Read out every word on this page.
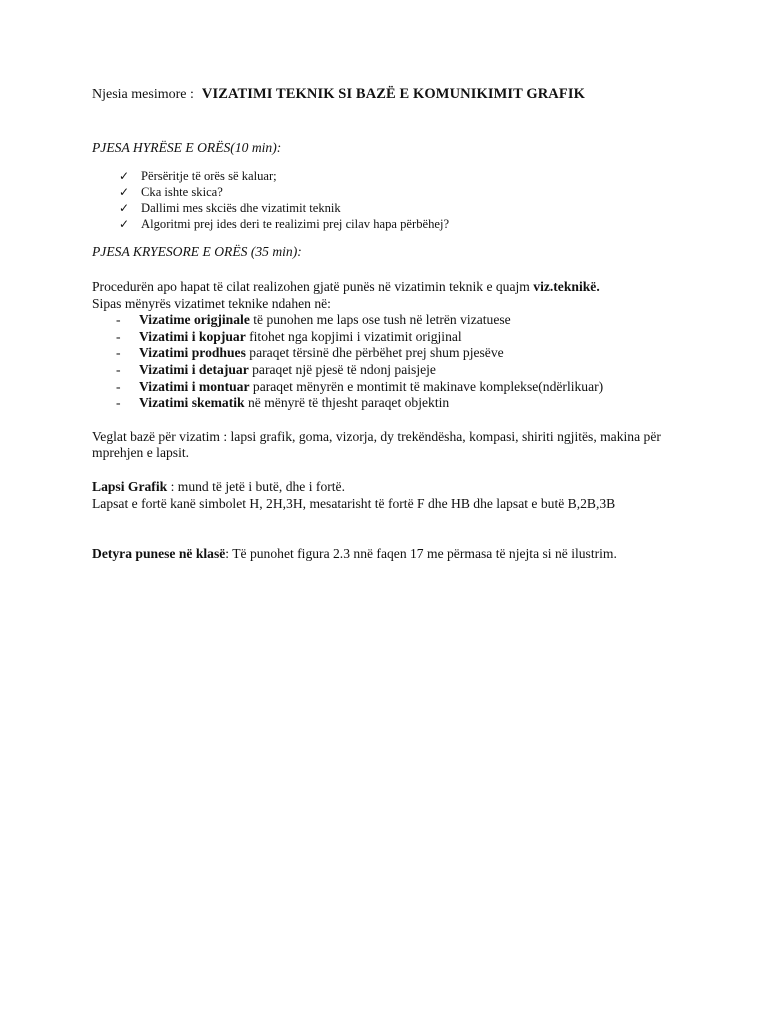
Njesia mesimore : VIZATIMI TEKNIK SI BAZË E KOMUNIKIMIT GRAFIK

PJESA HYRËSE E ORËS(10 min):

✓ Përsëritje të orës së kaluar;
✓ Cka ishte skica?
✓ Dallimi mes skciës dhe vizatimit teknik
✓ Algoritmi prej ides deri te realizimi prej cilav hapa përbëhej?

PJESA KRYESORE E ORËS (35 min):

Procedurën apo hapat të cilat realizohen gjatë punës në vizatimin teknik e quajm viz.teknikë.
Sipas mënyrës vizatimet teknike ndahen në:

- Vizatime origjinale të punohen me laps ose tush në letrën vizatuese
- Vizatimi i kopjuar fitohet nga kopjimi i vizatimit origjinal
- Vizatimi prodhues paraqet tërsinë dhe përbëhet prej shum pjesëve
- Vizatimi i detajuar paraqet një pjesë të ndonj paisjeje
- Vizatimi i montuar paraqet mënyrën e montimit të makinave komplekse(ndërlikuar)
- Vizatimi skematik në mënyrë të thjesht paraqet objektin

Veglat bazë për vizatim : lapsi grafik, goma, vizorja, dy trekëndësha, kompasi, shiriti ngjitës, makina për mprehjen e lapsit.

Lapsi Grafik : mund të jetë i butë, dhe i fortë.
Lapsat e fortë kanë simbolet H, 2H,3H, mesatarisht të fortë F dhe HB dhe lapsat e butë B,2B,3B

Detyra punese në klasë: Të punohet figura 2.3 nnë faqen 17 me përmasa të njejta si në ilustrim.
